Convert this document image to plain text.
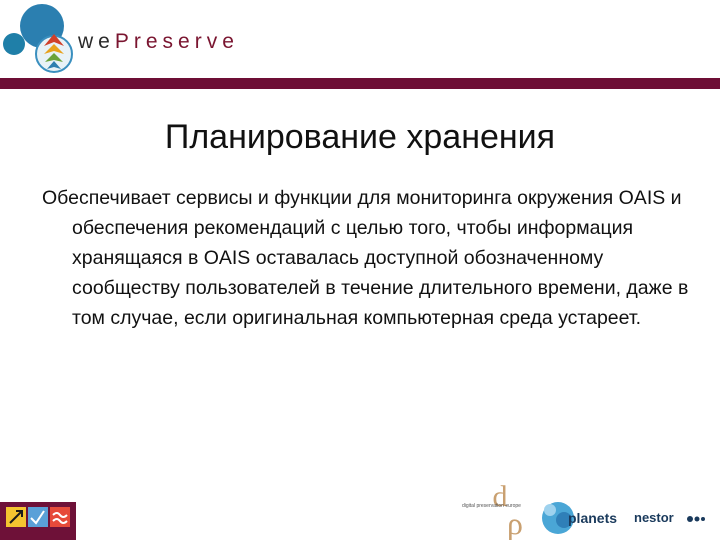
wePreserve
Планирование хранения
Обеспечивает сервисы и функции для мониторинга окружения OAIS и обеспечения рекомендаций с целью того, чтобы информация хранящаяся в OAIS оставалась доступной обозначенному сообществу пользователей в течение длительного времени, даже в том случае, если оригинальная компьютерная среда устареет.
d
ρ
digital preservation europe
planets nestor
